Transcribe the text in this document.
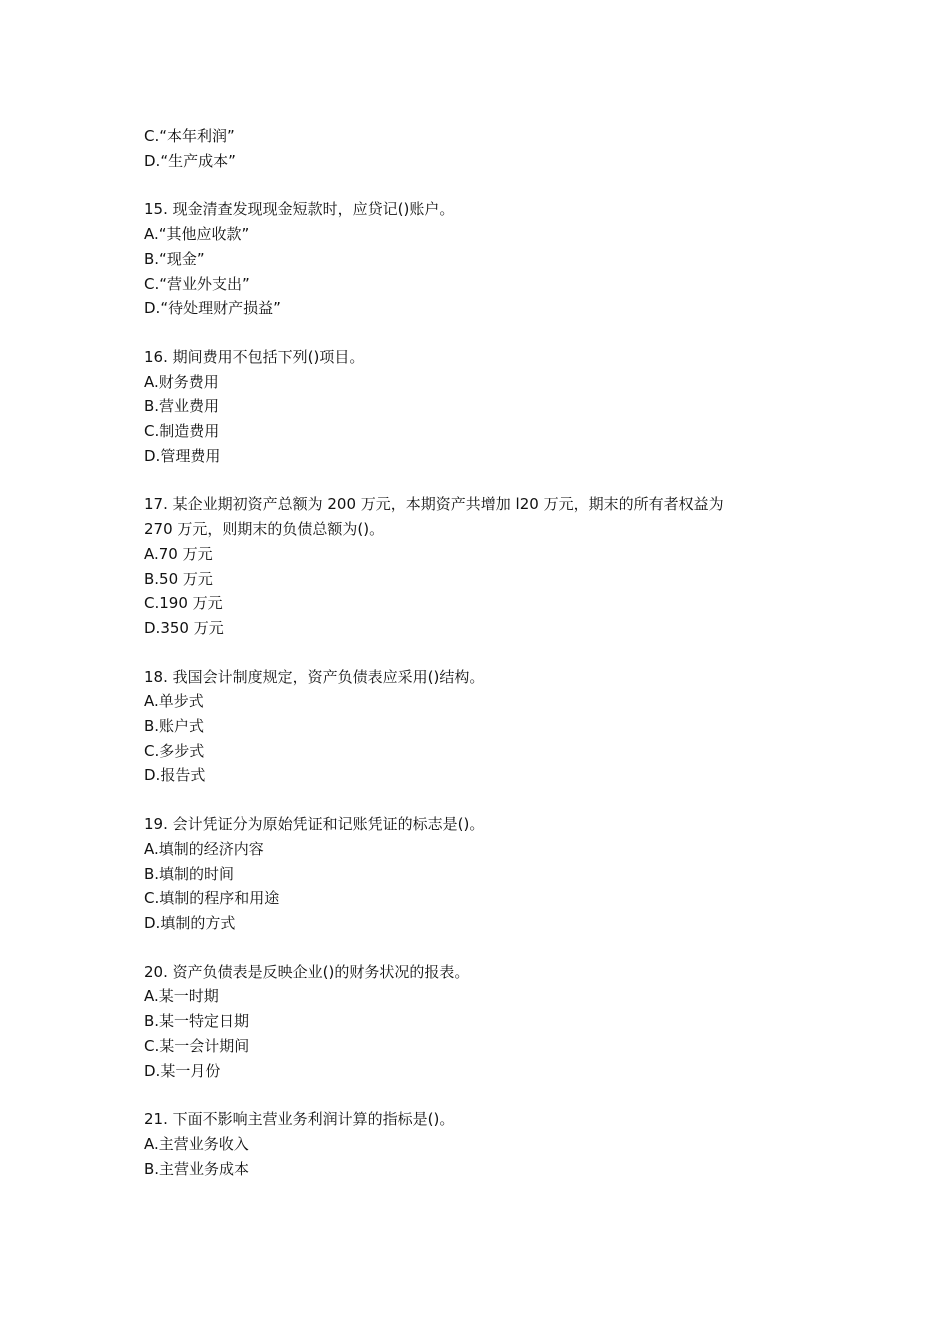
C.“本年利润”
D.“生产成本”
15. 现金清查发现现金短款时，应贷记()账户。
A.“其他应收款”
B.“现金”
C.“营业外支出”
D.“待处理财产损益”
16. 期间费用不包括下列()项目。
A.财务费用
B.营业费用
C.制造费用
D.管理费用
17. 某企业期初资产总额为 200 万元，本期资产共增加 l20 万元，期末的所有者权益为
270 万元，则期末的负债总额为()。
A.70 万元
B.50 万元
C.190 万元
D.350 万元
18. 我国会计制度规定，资产负债表应采用()结构。
A.单步式
B.账户式
C.多步式
D.报告式
19. 会计凭证分为原始凭证和记账凭证的标志是()。
A.填制的经济内容
B.填制的时间
C.填制的程序和用途
D.填制的方式
20. 资产负债表是反映企业()的财务状况的报表。
A.某一时期
B.某一特定日期
C.某一会计期间
D.某一月份
21. 下面不影响主营业务利润计算的指标是()。
A.主营业务收入
B.主营业务成本
